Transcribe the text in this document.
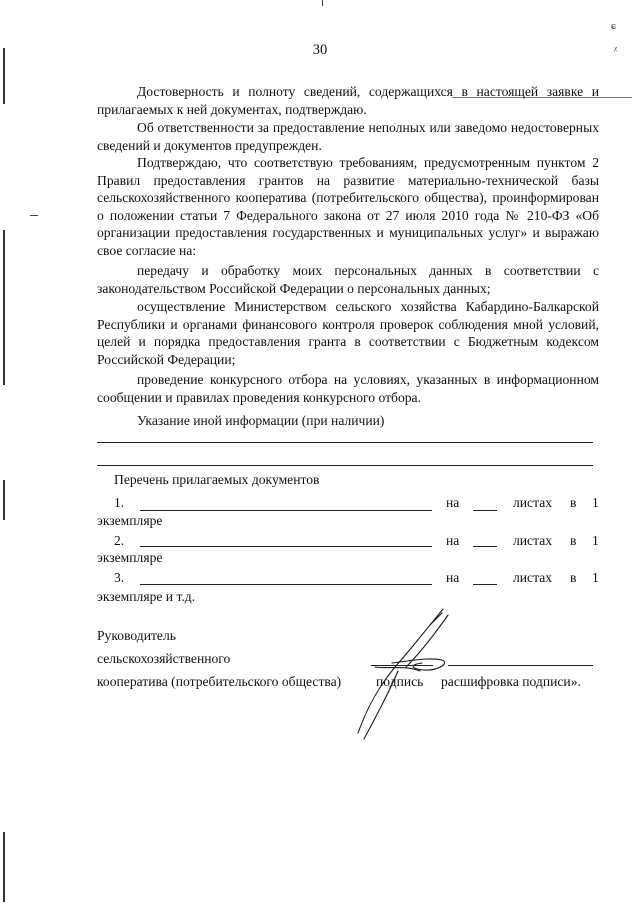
ɕ
ᵡ
30

Достоверность и полноту сведений, содержащихся в настоящей заявке и прилагаемых к ней документах, подтверждаю.

Об ответственности за предоставление неполных или заведомо недостоверных сведений и документов предупрежден.

Подтверждаю, что соответствую требованиям, предусмотренным пунктом 2 Правил предоставления грантов на развитие материально-технической базы сельскохозяйственного кооператива (потребительского общества), проинформирован о положении статьи 7 Федерального закона от 27 июля 2010 года № 210-ФЗ «Об организации предоставления государственных и муниципальных услуг» и выражаю свое согласие на:

передачу и обработку моих персональных данных в соответствии с законодательством Российской Федерации о персональных данных;

осуществление Министерством сельского хозяйства Кабардино-Балкарской Республики и органами финансового контроля проверок соблюдения мной условий, целей и порядка предоставления гранта в соответствии с Бюджетным кодексом Российской Федерации;

проведение конкурсного отбора на условиях, указанных в информационном сообщении и правилах проведения конкурсного отбора.

Указание иной информации (при наличии)
Перечень прилагаемых документов
1.	на	листах в 1
экземпляре
2.	на	листах в 1
экземпляре
3.	на	листах в 1
экземпляре и т.д.
Руководитель
сельскохозяйственного
кооператива (потребительского общества)	подпись расшифровка подписи».
